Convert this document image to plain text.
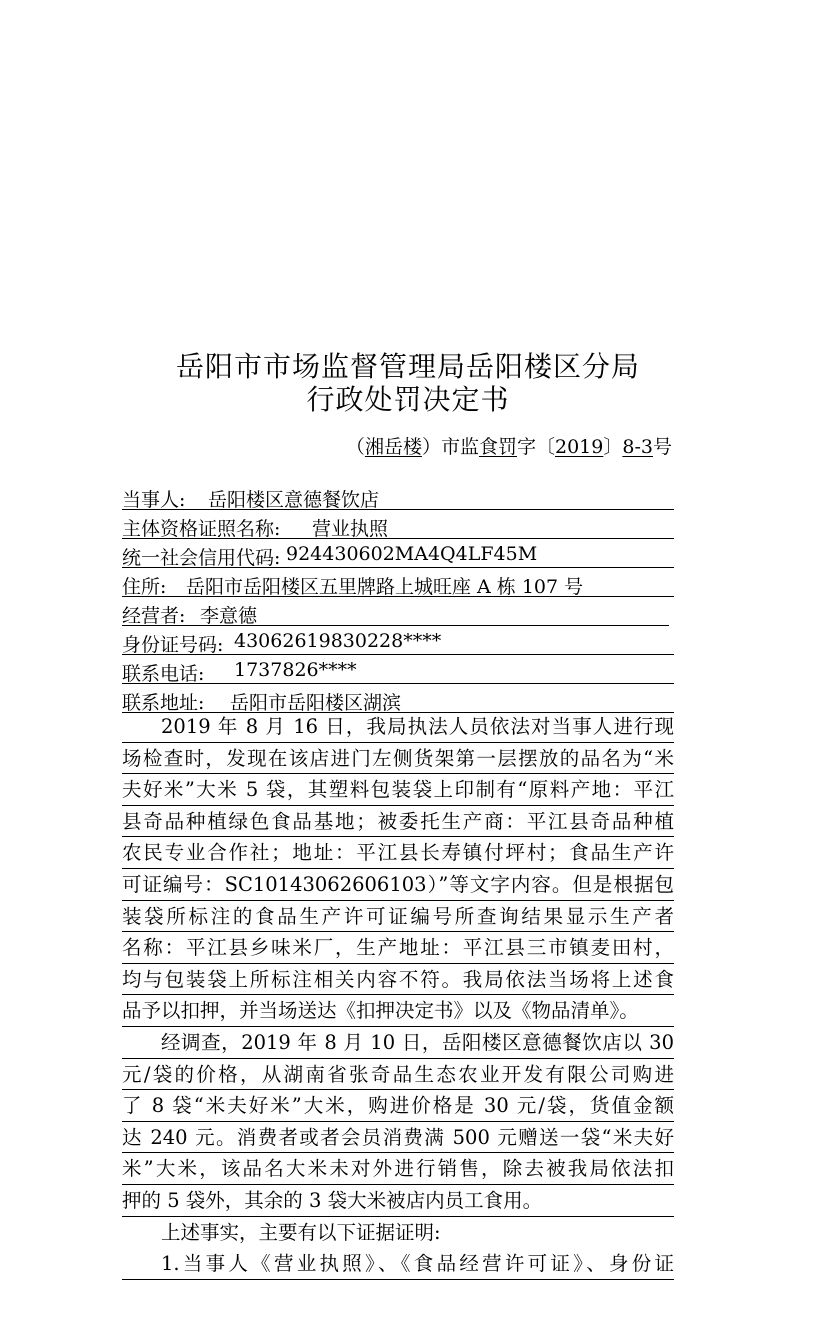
岳阳市市场监督管理局岳阳楼区分局
行政处罚决定书
（湘岳楼）市监食罚字〔2019〕8-3号
当事人: 岳阳楼区意德餐饮店
主体资格证照名称: 营业执照
统一社会信用代码: 924430602MA4Q4LF45M
住所: 岳阳市岳阳楼区五里牌路上城旺座 A 栋 107 号
经营者: 李意德
身份证号码: 43062619830228****
联系电话: 1737826****
联系地址: 岳阳市岳阳楼区湖滨
2019 年 8 月 16 日，我局执法人员依法对当事人进行现
场检查时，发现在该店进门左侧货架第一层摆放的品名为“米
夫好米”大米 5 袋，其塑料包装袋上印制有“原料产地：平江
县奇品种植绿色食品基地；被委托生产商：平江县奇品种植
农民专业合作社；地址：平江县长寿镇付坪村；食品生产许
可证编号：SC10143062606103）”等文字内容。但是根据包
装袋所标注的食品生产许可证编号所查询结果显示生产者
名称：平江县乡味米厂，生产地址：平江县三市镇麦田村，
均与包装袋上所标注相关内容不符。我局依法当场将上述食
品予以扣押，并当场送达《扣押决定书》以及《物品清单》。
经调查，2019 年 8 月 10 日，岳阳楼区意德餐饮店以 30
元/袋的价格，从湖南省张奇品生态农业开发有限公司购进
了 8 袋“米夫好米”大米，购进价格是 30 元/袋，货值金额
达 240 元。消费者或者会员消费满 500 元赠送一袋“米夫好
米”大米，该品名大米未对外进行销售，除去被我局依法扣
押的 5 袋外，其余的 3 袋大米被店内员工食用。
上述事实，主要有以下证据证明:
1.当事人《营业执照》、《食品经营许可证》、身份证
